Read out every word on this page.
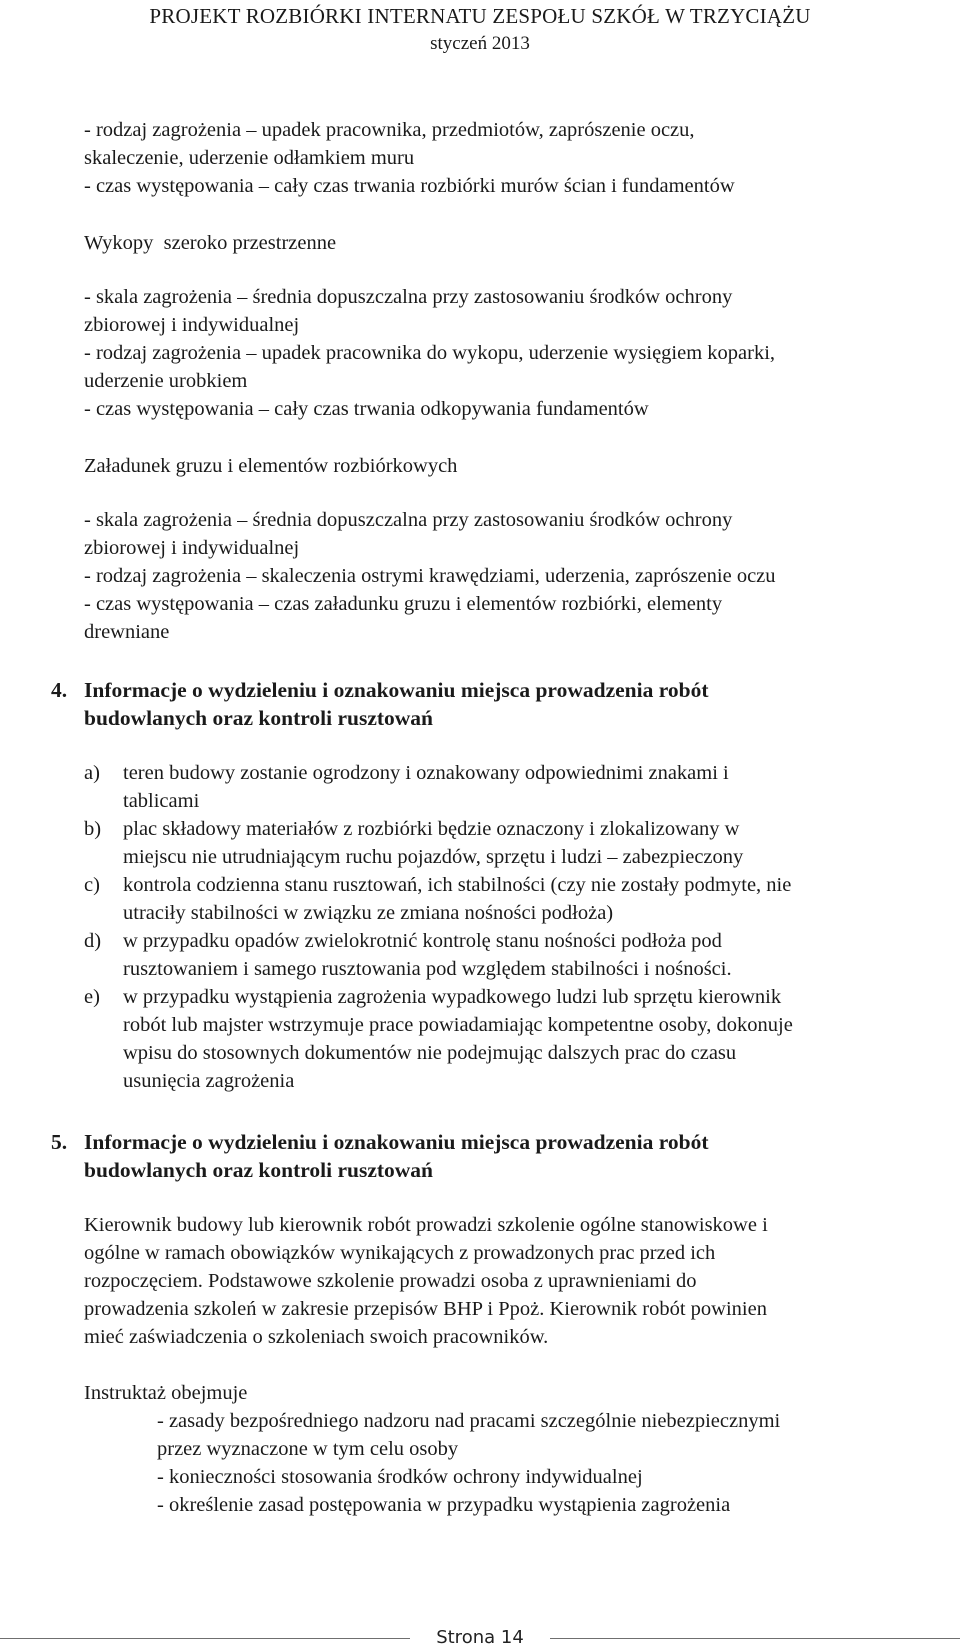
PROJEKT ROZBIÓRKI INTERNATU ZESPOŁU SZKÓŁ W TRZYCIĄŻU
styczeń 2013
- rodzaj zagrożenia – upadek pracownika, przedmiotów, zaprószenie oczu,
skaleczenie, uderzenie odłamkiem muru
- czas występowania – cały czas trwania rozbiórki murów ścian i fundamentów
Wykopy  szeroko przestrzenne
- skala zagrożenia – średnia dopuszczalna przy zastosowaniu środków ochrony
zbiorowej i indywidualnej
- rodzaj zagrożenia – upadek pracownika do wykopu, uderzenie wysięgiem koparki,
uderzenie urobkiem
- czas występowania – cały czas trwania odkopywania fundamentów
Załadunek gruzu i elementów rozbiórkowych
- skala zagrożenia – średnia dopuszczalna przy zastosowaniu środków ochrony
zbiorowej i indywidualnej
- rodzaj zagrożenia – skaleczenia ostrymi krawędziami, uderzenia, zaprószenie oczu
- czas występowania – czas załadunku gruzu i elementów rozbiórki, elementy
drewniane
4. Informacje o wydzieleniu i oznakowaniu miejsca prowadzenia robót
budowlanych oraz kontroli rusztowań
a) teren budowy zostanie ogrodzony i oznakowany odpowiednimi znakami i
tablicami
b) plac składowy materiałów z rozbiórki będzie oznaczony i zlokalizowany w
miejscu nie utrudniającym ruchu pojazdów, sprzętu i ludzi – zabezpieczony
c) kontrola codzienna stanu rusztowań, ich stabilności (czy nie zostały podmyte, nie
utraciły stabilności w związku ze zmiana nośności podłoża)
d) w przypadku opadów zwielokrotnić kontrolę stanu nośności podłoża pod
rusztowaniem i samego rusztowania pod względem stabilności i nośności.
e) w przypadku wystąpienia zagrożenia wypadkowego ludzi lub sprzętu kierownik
robót lub majster wstrzymuje prace powiadamiając kompetentne osoby, dokonuje
wpisu do stosownych dokumentów nie podejmując dalszych prac do czasu
usunięcia zagrożenia
5. Informacje o wydzieleniu i oznakowaniu miejsca prowadzenia robót
budowlanych oraz kontroli rusztowań
Kierownik budowy lub kierownik robót prowadzi szkolenie ogólne stanowiskowe i
ogólne w ramach obowiązków wynikających z prowadzonych prac przed ich
rozpoczęciem. Podstawowe szkolenie prowadzi osoba z uprawnieniami do
prowadzenia szkoleń w zakresie przepisów BHP i Ppoż. Kierownik robót powinien
mieć zaświadczenia o szkoleniach swoich pracowników.
Instruktaż obejmuje
- zasady bezpośredniego nadzoru nad pracami szczególnie niebezpiecznymi
przez wyznaczone w tym celu osoby
- konieczności stosowania środków ochrony indywidualnej
- określenie zasad postępowania w przypadku wystąpienia zagrożenia
Strona 14
